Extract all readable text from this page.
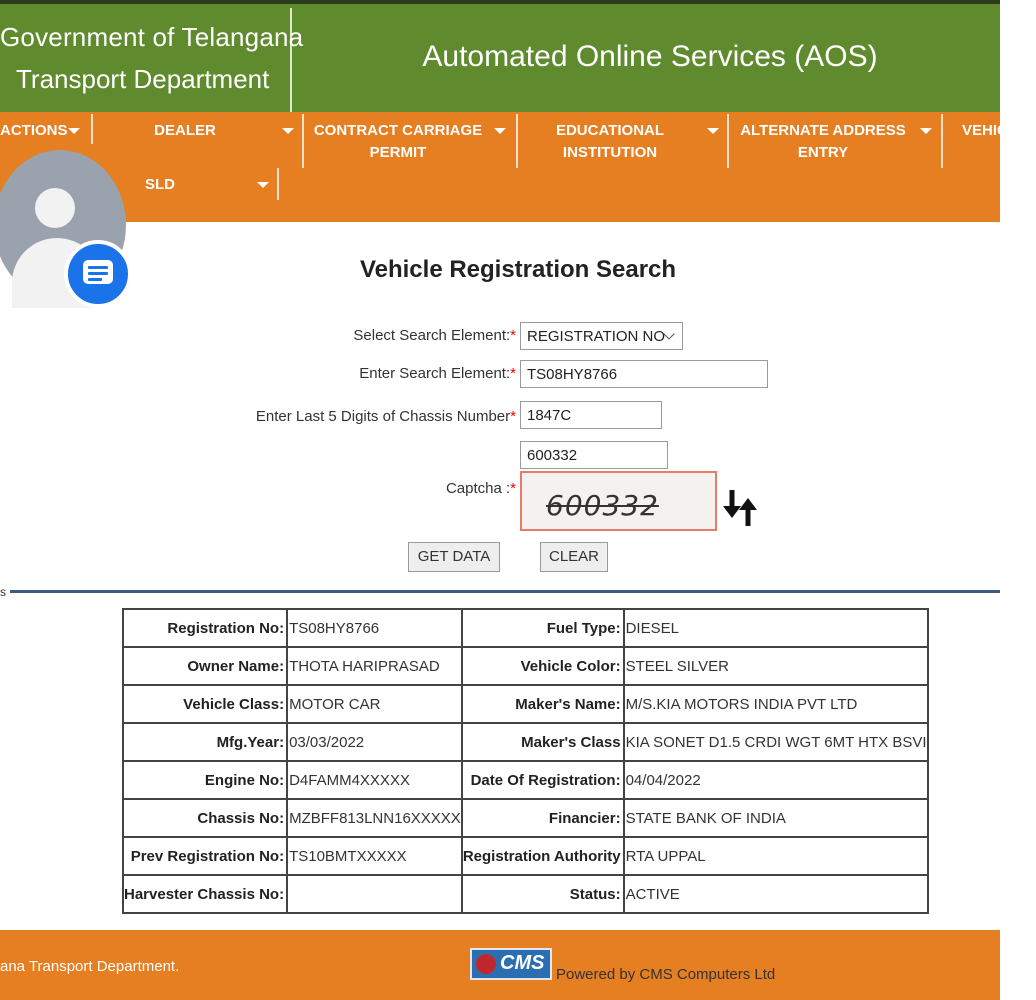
Government of Telangana
Transport Department
Automated Online Services (AOS)
ACTIONS	DEALER	CONTRACT CARRIAGE
PERMIT
EDUCATIONAL
INSTITUTION
ALTERNATE ADDRESS
ENTRY
VEHIC
IN
SLD
Vehicle Registration Search
Select Search Element:* REGISTRATION NO
Enter Search Element:* TS08HY8766
Enter Last 5 Digits of Chassis Number* 1847C
600332
Captcha :*
600332
GET DATA	CLEAR
s
Registration No:	TS08HY8766	Fuel Type:	DIESEL
Owner Name:	THOTA HARIPRASAD	Vehicle Color:	STEEL SILVER
Vehicle Class:	MOTOR CAR	Maker's Name:	M/S.KIA MOTORS INDIA PVT LTD
Mfg.Year:	03/03/2022	Maker's Class	KIA SONET D1.5 CRDI WGT 6MT HTX BSVI
Engine No:	D4FAMM4XXXXX	Date Of Registration:	04/04/2022
Chassis No:	MZBFF813LNN16XXXXX	Financier:	STATE BANK OF INDIA
Prev Registration No:	TS10BMTXXXXX	Registration Authority	RTA UPPAL
Harvester Chassis No:		Status:	ACTIVE
ana Transport Department.	CMS
Powered by CMS Computers Ltd
